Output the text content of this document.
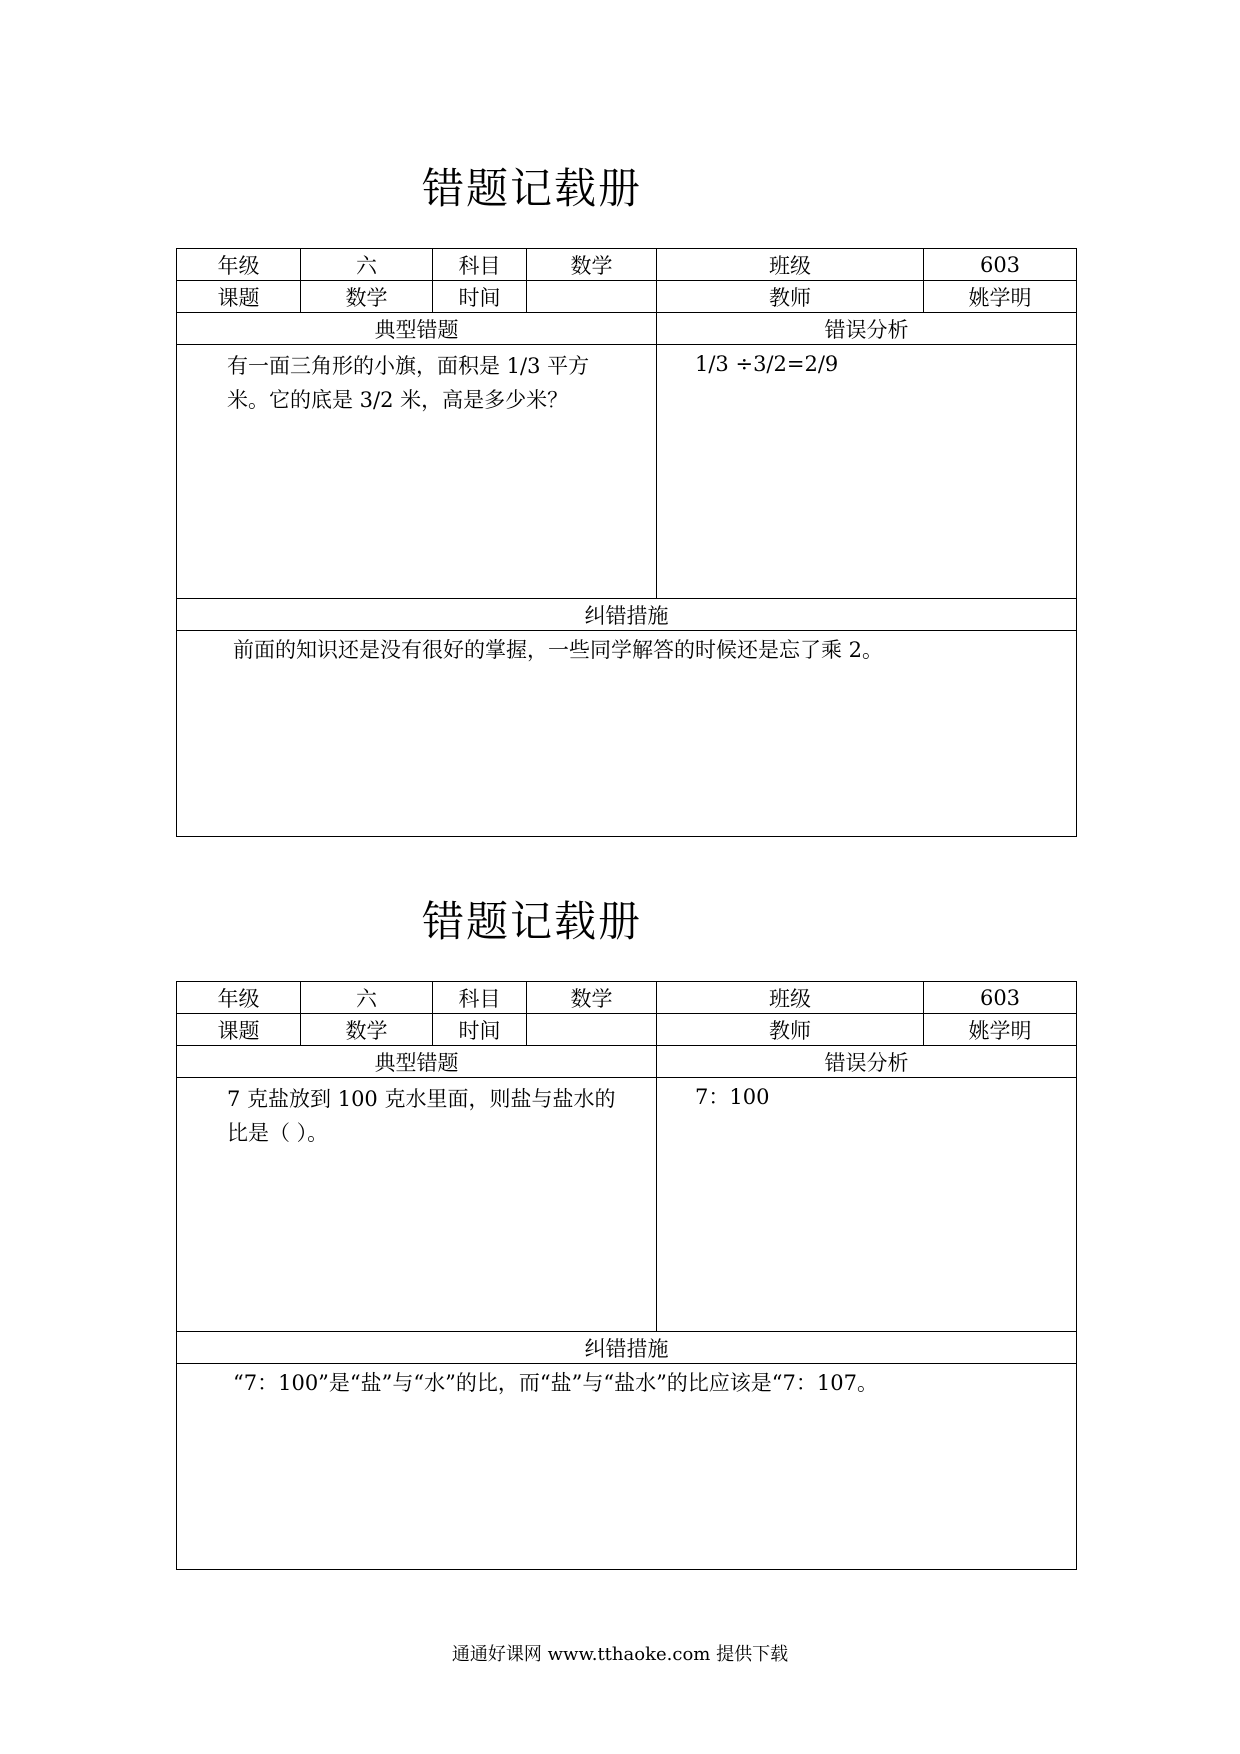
错题记载册
年级	六	科目	数学	班级	603
课题	数学	时间		教师	姚学明
典型错题				错误分析	

有一面三角形的小旗，面积是 1/3 平方米。它的底是 3/2 米，高是多少米？				1/3 ÷3/2=2/9	

纠错措施					

　　前面的知识还是没有很好的掌握，一些同学解答的时候还是忘了乘 2。					
错题记载册
年级	六	科目	数学	班级	603
课题	数学	时间		教师	姚学明
典型错题				错误分析	

7 克盐放到 100 克水里面，则盐与盐水的比是（ ）。				7：100	

纠错措施					

　　“7：100”是“盐”与“水”的比，而“盐”与“盐水”的比应该是“7：107。					
通通好课网 www.tthaoke.com 提供下载
